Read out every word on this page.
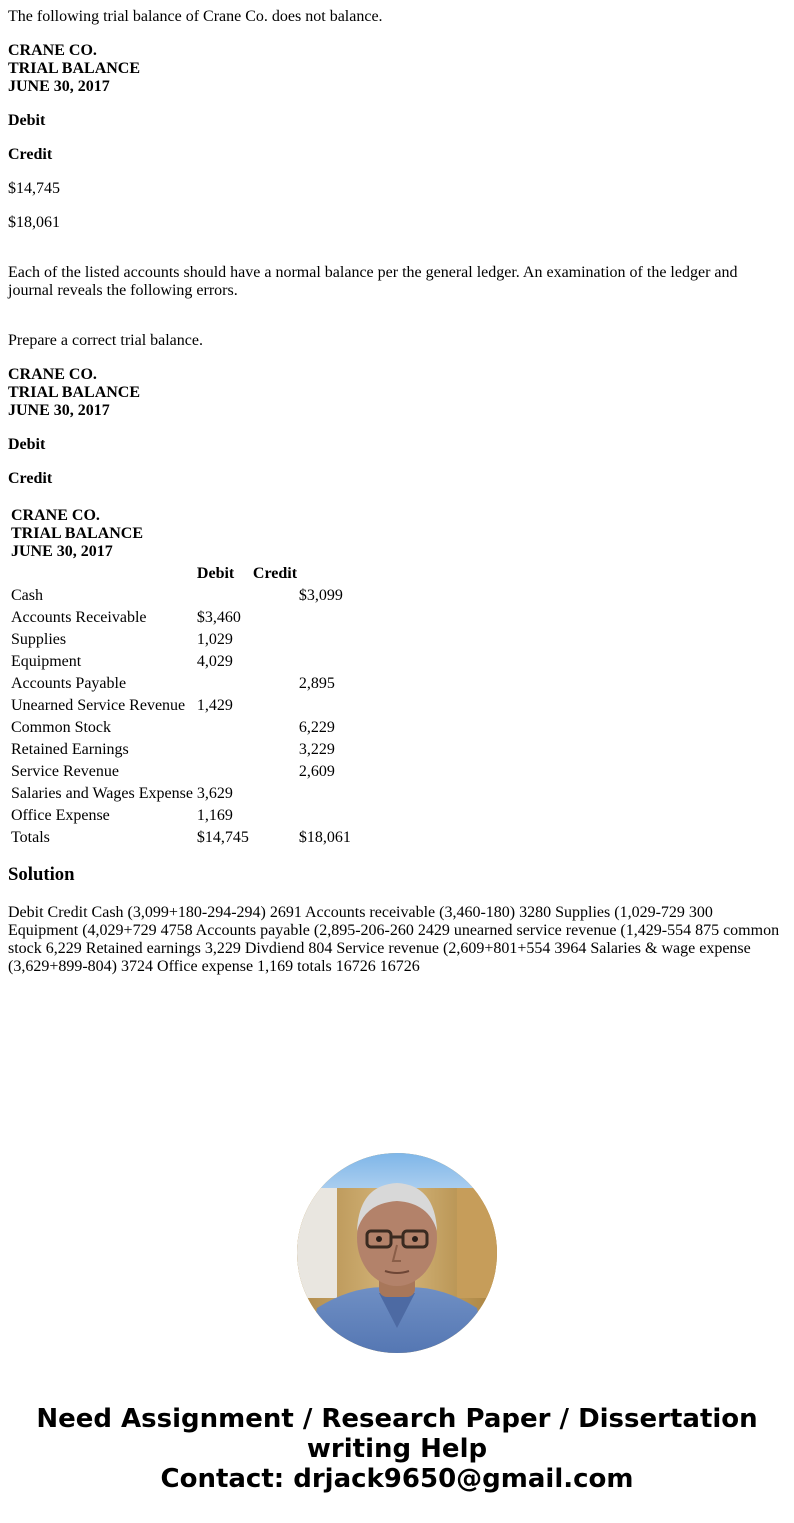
The following trial balance of Crane Co. does not balance.

CRANE CO.
TRIAL BALANCE
JUNE 30, 2017

Debit

Credit

$14,745

$18,061

Each of the listed accounts should have a normal balance per the general ledger. An examination of the ledger and journal reveals the following errors.

Prepare a correct trial balance.

CRANE CO.
TRIAL BALANCE
JUNE 30, 2017

Debit

Credit

CRANE CO.
TRIAL BALANCE
JUNE 30, 2017		
	Debit	Credit
Cash		$3,099
Accounts Receivable	$3,460	
Supplies	1,029	
Equipment	4,029	
Accounts Payable		2,895
Unearned Service Revenue	1,429	
Common Stock		6,229
Retained Earnings		3,229
Service Revenue		2,609
Salaries and Wages Expense	3,629	
Office Expense	1,169	
Totals	$14,745	$18,061
Solution

Debit Credit Cash (3,099+180-294-294) 2691 Accounts receivable (3,460-180) 3280 Supplies (1,029-729 300 Equipment (4,029+729 4758 Accounts payable (2,895-206-260 2429 unearned service revenue (1,429-554 875 common stock 6,229 Retained earnings 3,229 Divdiend 804 Service revenue (2,609+801+554 3964 Salaries & wage expense (3,629+899-804) 3724 Office expense 1,169 totals 16726 16726

Need Assignment / Research Paper / Dissertation
writing Help
Contact: drjack9650@gmail.com
